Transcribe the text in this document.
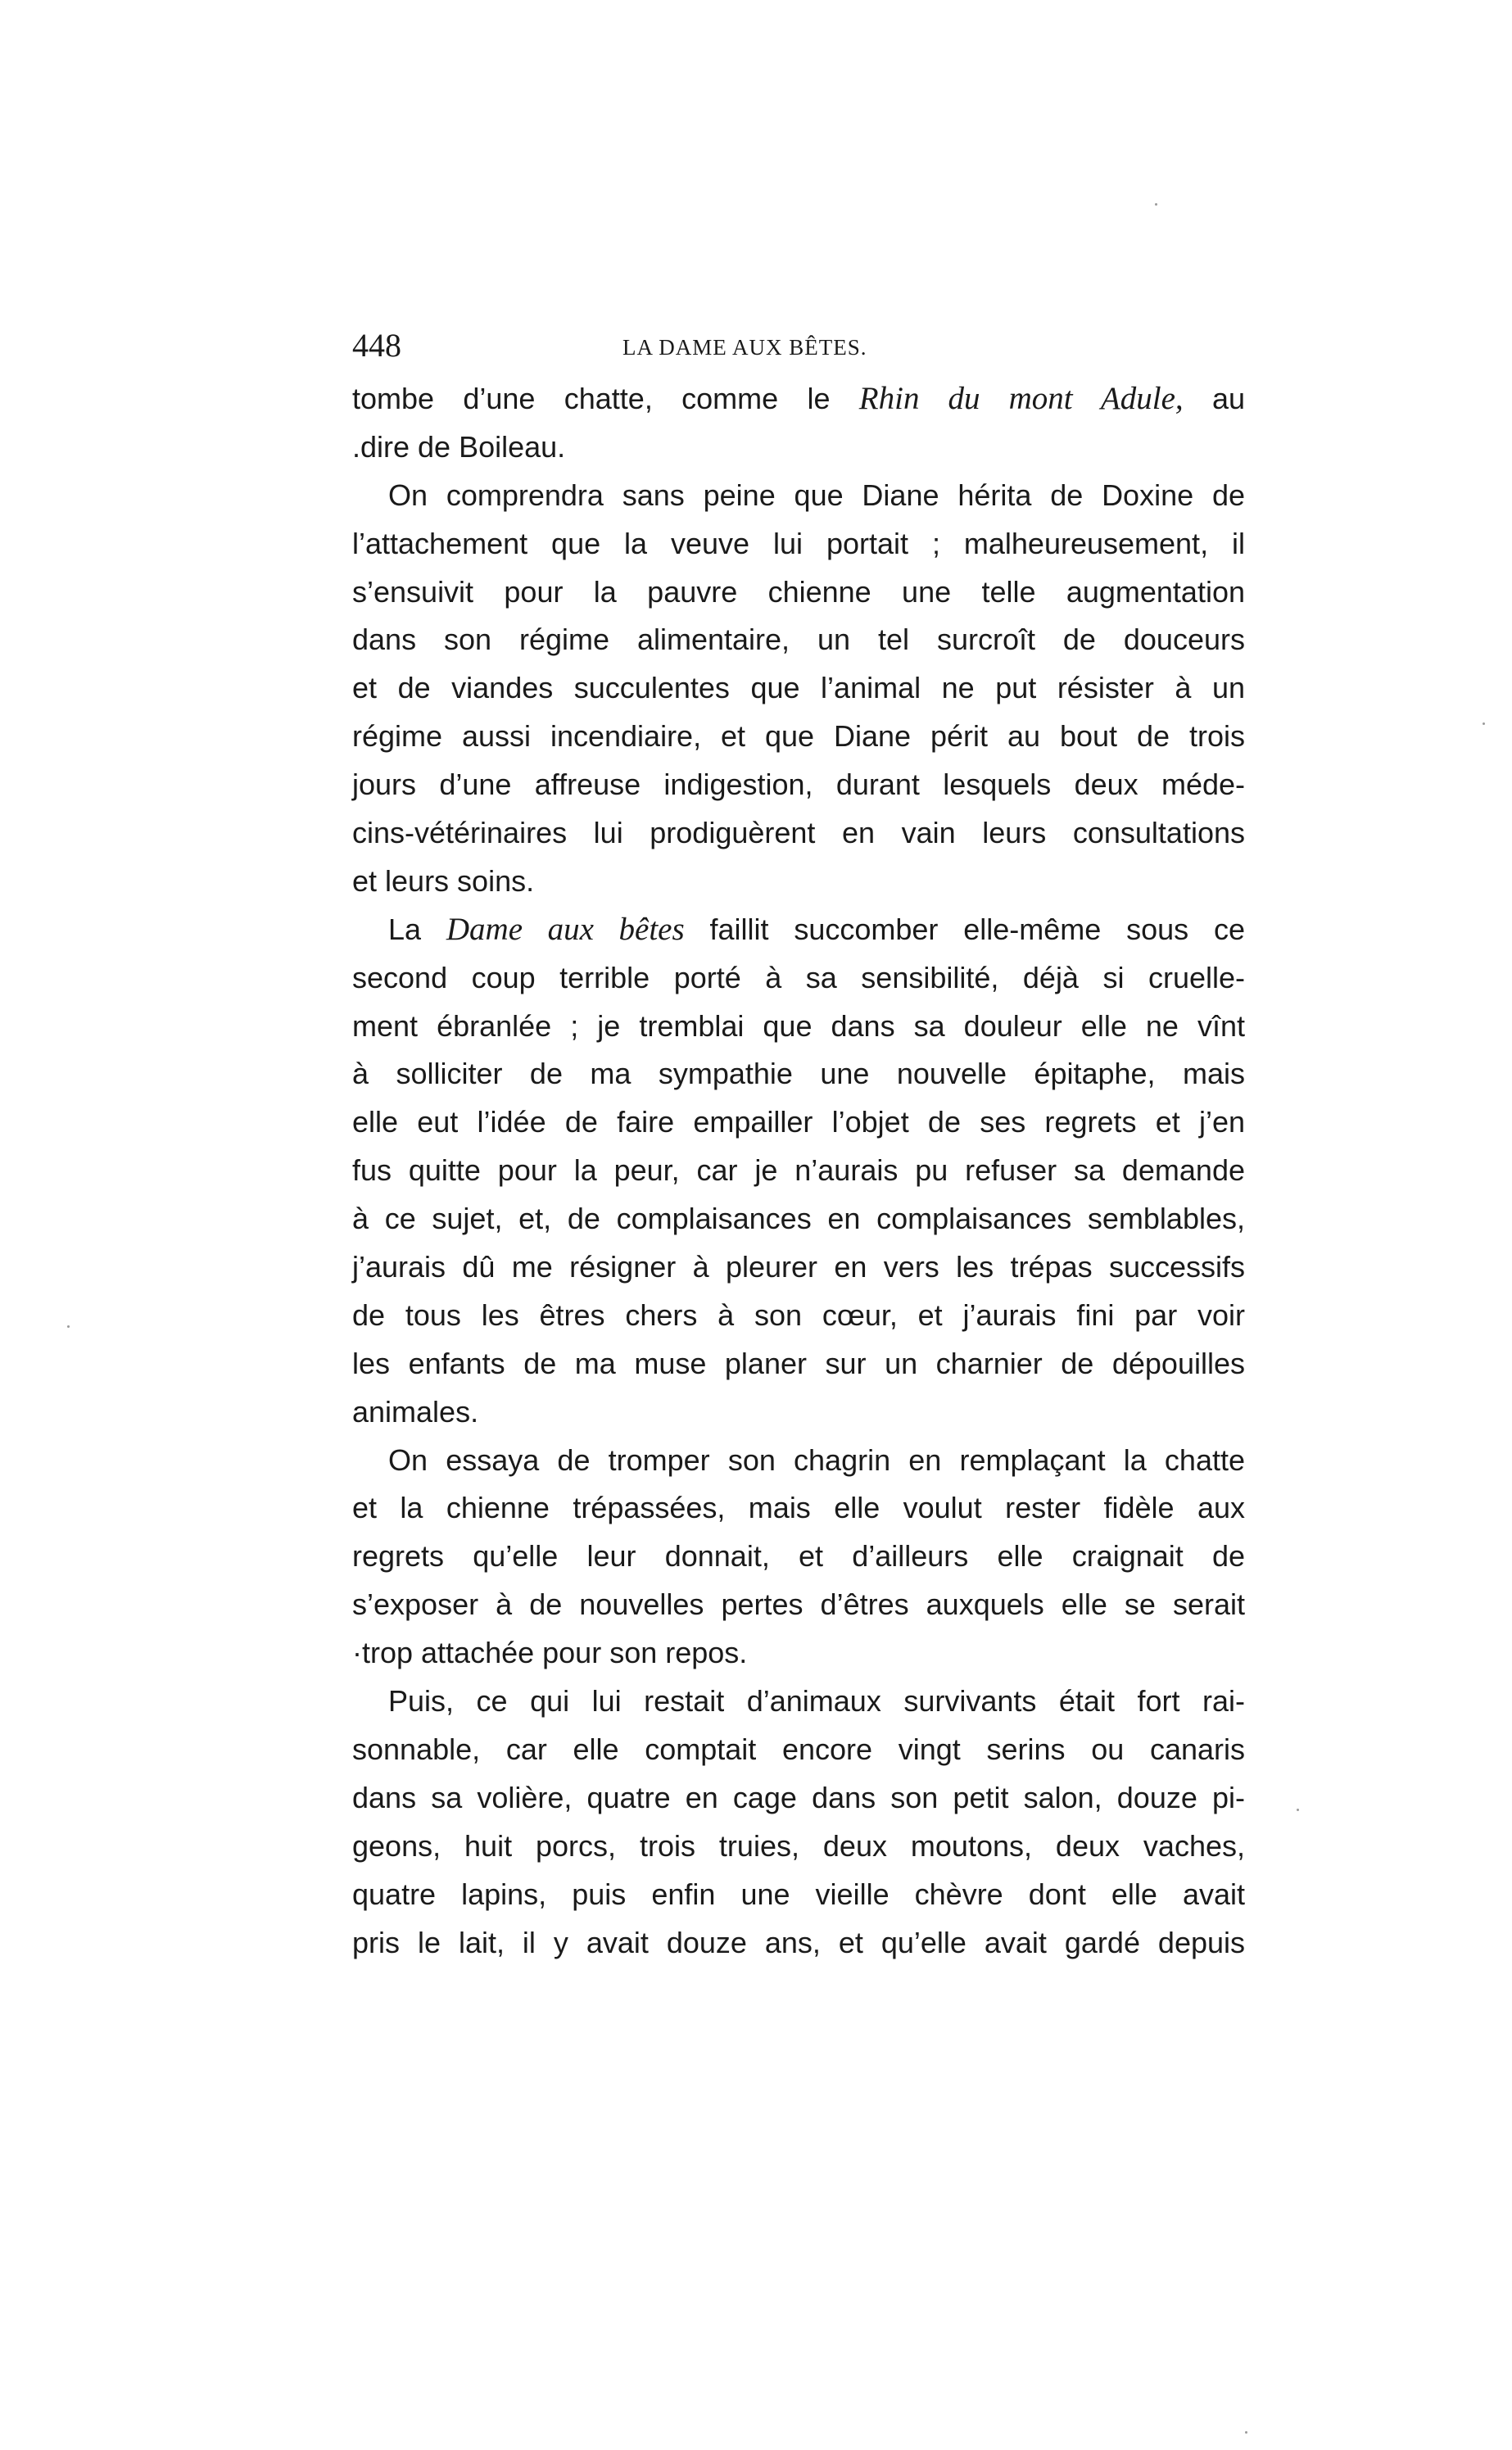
448	LA DAME AUX BÊTES.
tombe d’une chatte, comme le Rhin du mont Adule, au
.dire de Boileau.
On comprendra sans peine que Diane hérita de Doxine de
l’attachement que la veuve lui portait ; malheureusement, il
s’ensuivit pour la pauvre chienne une telle augmentation
dans son régime alimentaire, un tel surcroît de douceurs
et de viandes succulentes que l’animal ne put résister à un
régime aussi incendiaire, et que Diane périt au bout de trois
jours d’une affreuse indigestion, durant lesquels deux méde-
cins-vétérinaires lui prodiguèrent en vain leurs consultations
et leurs soins.
La Dame aux bêtes faillit succomber elle-même sous ce
second coup terrible porté à sa sensibilité, déjà si cruelle-
ment ébranlée ; je tremblai que dans sa douleur elle ne vînt
à solliciter de ma sympathie une nouvelle épitaphe, mais
elle eut l’idée de faire empailler l’objet de ses regrets et j’en
fus quitte pour la peur, car je n’aurais pu refuser sa demande
à ce sujet, et, de complaisances en complaisances semblables,
j’aurais dû me résigner à pleurer en vers les trépas successifs
de tous les êtres chers à son cœur, et j’aurais fini par voir
les enfants de ma muse planer sur un charnier de dépouilles
animales.
On essaya de tromper son chagrin en remplaçant la chatte
et la chienne trépassées, mais elle voulut rester fidèle aux
regrets qu’elle leur donnait, et d’ailleurs elle craignait de
s’exposer à de nouvelles pertes d’êtres auxquels elle se serait
·trop attachée pour son repos.
Puis, ce qui lui restait d’animaux survivants était fort rai-
sonnable, car elle comptait encore vingt serins ou canaris
dans sa volière, quatre en cage dans son petit salon, douze pi-
geons, huit porcs, trois truies, deux moutons, deux vaches,
quatre lapins, puis enfin une vieille chèvre dont elle avait
pris le lait, il y avait douze ans, et qu’elle avait gardé depuis
